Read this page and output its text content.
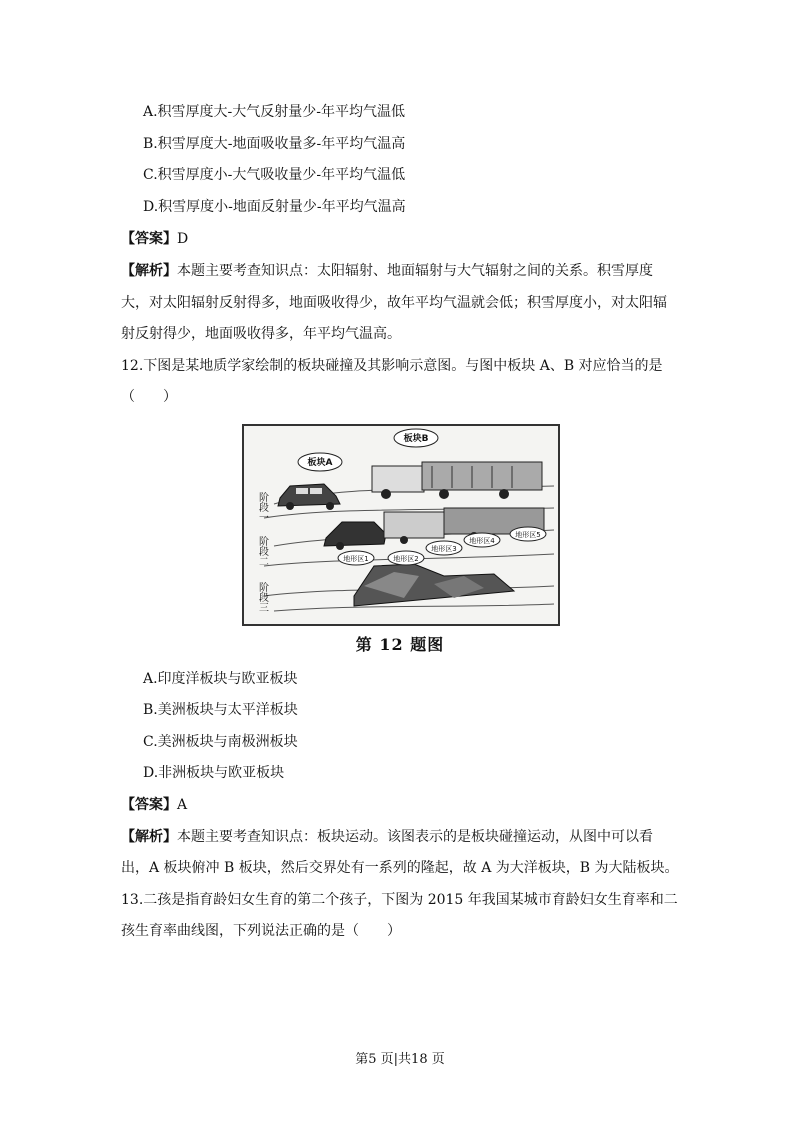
A.积雪厚度大-大气反射量少-年平均气温低
B.积雪厚度大-地面吸收量多-年平均气温高
C.积雪厚度小-大气吸收量少-年平均气温低
D.积雪厚度小-地面反射量少-年平均气温高
【答案】D
【解析】本题主要考查知识点：太阳辐射、地面辐射与大气辐射之间的关系。积雪厚度
大，对太阳辐射反射得多，地面吸收得少，故年平均气温就会低；积雪厚度小，对太阳辐
射反射得少，地面吸收得多，年平均气温高。
12.下图是某地质学家绘制的板块碰撞及其影响示意图。与图中板块 A、B 对应恰当的是
（　　）
板块B
板块A
阶段一
阶段二
阶段三
地形区1	地形区2
地形区3
地形区4
地形区5
第 12 题图
A.印度洋板块与欧亚板块
B.美洲板块与太平洋板块
C.美洲板块与南极洲板块
D.非洲板块与欧亚板块
【答案】A
【解析】本题主要考查知识点：板块运动。该图表示的是板块碰撞运动，从图中可以看
出，A 板块俯冲 B 板块，然后交界处有一系列的隆起，故 A 为大洋板块，B 为大陆板块。
13.二孩是指育龄妇女生育的第二个孩子，下图为 2015 年我国某城市育龄妇女生育率和二
孩生育率曲线图，下列说法正确的是（　　）
第5 页|共18 页
